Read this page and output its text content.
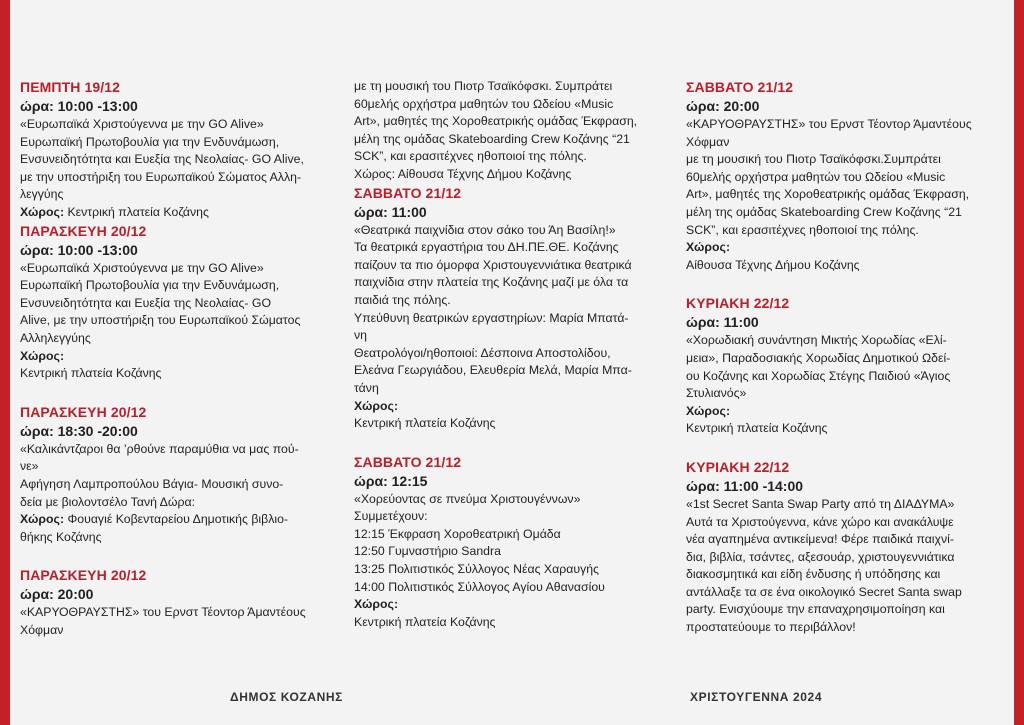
ΠΕΜΠΤΗ 19/12
ώρα: 10:00 -13:00
«Ευρωπαϊκά Χριστούγεννα με την GO Alive»
Ευρωπαϊκή Πρωτοβουλία για την Ενδυνάμωση,
Ενσυνειδητότητα και Ευεξία της Νεολαίας- GO Alive,
με την υποστήριξη του Ευρωπαϊκού Σώματος Αλλη-
λεγγύης
Χώρος: Κεντρική πλατεία Κοζάνης
ΠΑΡΑΣΚΕΥΗ 20/12
ώρα: 10:00 -13:00
«Ευρωπαϊκά Χριστούγεννα με την GO Alive»
Ευρωπαϊκή Πρωτοβουλία για την Ενδυνάμωση,
Ενσυνειδητότητα και Ευεξία της Νεολαίας- GO
Alive, με την υποστήριξη του Ευρωπαϊκού Σώματος
Αλληλεγγύης
Χώρος:
Κεντρική πλατεία Κοζάνης
ΠΑΡΑΣΚΕΥΗ 20/12
ώρα: 18:30 -20:00
«Καλικάντζαροι θα ’ρθούνε παραμύθια να μας πού-
νε»
Αφήγηση Λαμπροπούλου Βάγια- Μουσική συνο-
δεία με βιολοντσέλο Τανή Δώρα:
Χώρος: Φουαγιέ Κοβενταρείου Δημοτικής βιβλιο-
θήκης Κοζάνης
ΠΑΡΑΣΚΕΥΗ 20/12
ώρα: 20:00
«ΚΑΡΥΟΘΡΑΥΣΤΗΣ» του Ερνστ Τέοντορ Άμαντέους
Χόφμαν
με τη μουσική του Πιοτρ Τσαϊκόφσκι. Συμπράτει
60μελής ορχήστρα μαθητών του Ωδείου «Music
Art», μαθητές της Χοροθεατρικής ομάδας Έκφραση,
μέλη της ομάδας Skateboarding Crew Κοζάνης “21
SCK”, και ερασιτέχνες ηθοποιοί της πόλης.
Χώρος: Αίθουσα Τέχνης Δήμου Κοζάνης
ΣΑΒΒΑΤΟ 21/12
ώρα: 11:00
«Θεατρικά παιχνίδια στον σάκο του Άη Βασίλη!»
Τα θεατρικά εργαστήρια του ΔΗ.ΠΕ.ΘΕ. Κοζάνης
παίζουν τα πιο όμορφα Χριστουγεννιάτικα θεατρικά
παιχνίδια στην πλατεία της Κοζάνης μαζί με όλα τα
παιδιά της πόλης.
Υπεύθυνη θεατρικών εργαστηρίων: Μαρία Μπατά-
νη
Θεατρολόγοι/ηθοποιοί: Δέσποινα Αποστολίδου,
Ελεάνα Γεωργιάδου, Ελευθερία Μελά, Μαρία Μπα-
τάνη
Χώρος:
Κεντρική πλατεία Κοζάνης
ΣΑΒΒΑΤΟ 21/12
ώρα: 12:15
«Χορεύοντας σε πνεύμα Χριστουγέννων»
Συμμετέχουν:
12:15 Έκφραση Χοροθεατρική Ομάδα
12:50 Γυμναστήριο Sandra
13:25 Πολιτιστικός Σύλλογος Νέας Χαραυγής
14:00 Πολιτιστικός Σύλλογος Αγίου Αθανασίου
Χώρος:
Κεντρική πλατεία Κοζάνης
ΣΑΒΒΑΤΟ 21/12
ώρα: 20:00
«ΚΑΡΥΟΘΡΑΥΣΤΗΣ» του Ερνστ Τέοντορ Άμαντέους
Χόφμαν
με τη μουσική του Πιοτρ Τσαϊκόφσκι.Συμπράτει
60μελής ορχήστρα μαθητών του Ωδείου «Music
Art», μαθητές της Χοροθεατρικής ομάδας Έκφραση,
μέλη της ομάδας Skateboarding Crew Κοζάνης “21
SCK”, και ερασιτέχνες ηθοποιοί της πόλης.
Χώρος:
Αίθουσα Τέχνης Δήμου Κοζάνης
ΚΥΡΙΑΚΗ 22/12
ώρα: 11:00
«Χορωδιακή συνάντηση Μικτής Χορωδίας «Ελί-
μεια», Παραδοσιακής Χορωδίας Δημοτικού Ωδεί-
ου Κοζάνης και Χορωδίας Στέγης Παιδιού «Άγιος
Στυλιανός»
Χώρος:
Κεντρική πλατεία Κοζάνης
ΚΥΡΙΑΚΗ 22/12
ώρα: 11:00 -14:00
«1st Secret Santa Swap Party από τη ΔΙΑΔΥΜΑ»
Αυτά τα Χριστούγεννα, κάνε χώρο και ανακάλυψε
νέα αγαπημένα αντικείμενα! Φέρε παιδικά παιχνί-
δια, βιβλία, τσάντες, αξεσουάρ, χριστουγεννιάτικα
διακοσμητικά και είδη ένδυσης ή υπόδησης και
αντάλλαξε τα σε ένα οικολογικό Secret Santa swap
party. Ενισχύουμε την επαναχρησιμοποίηση και
προστατεύουμε το περιβάλλον!
ΔΗΜΟΣ ΚΟΖΑΝΗΣ	ΧΡΙΣΤΟΥΓΕΝΝΑ 2024
